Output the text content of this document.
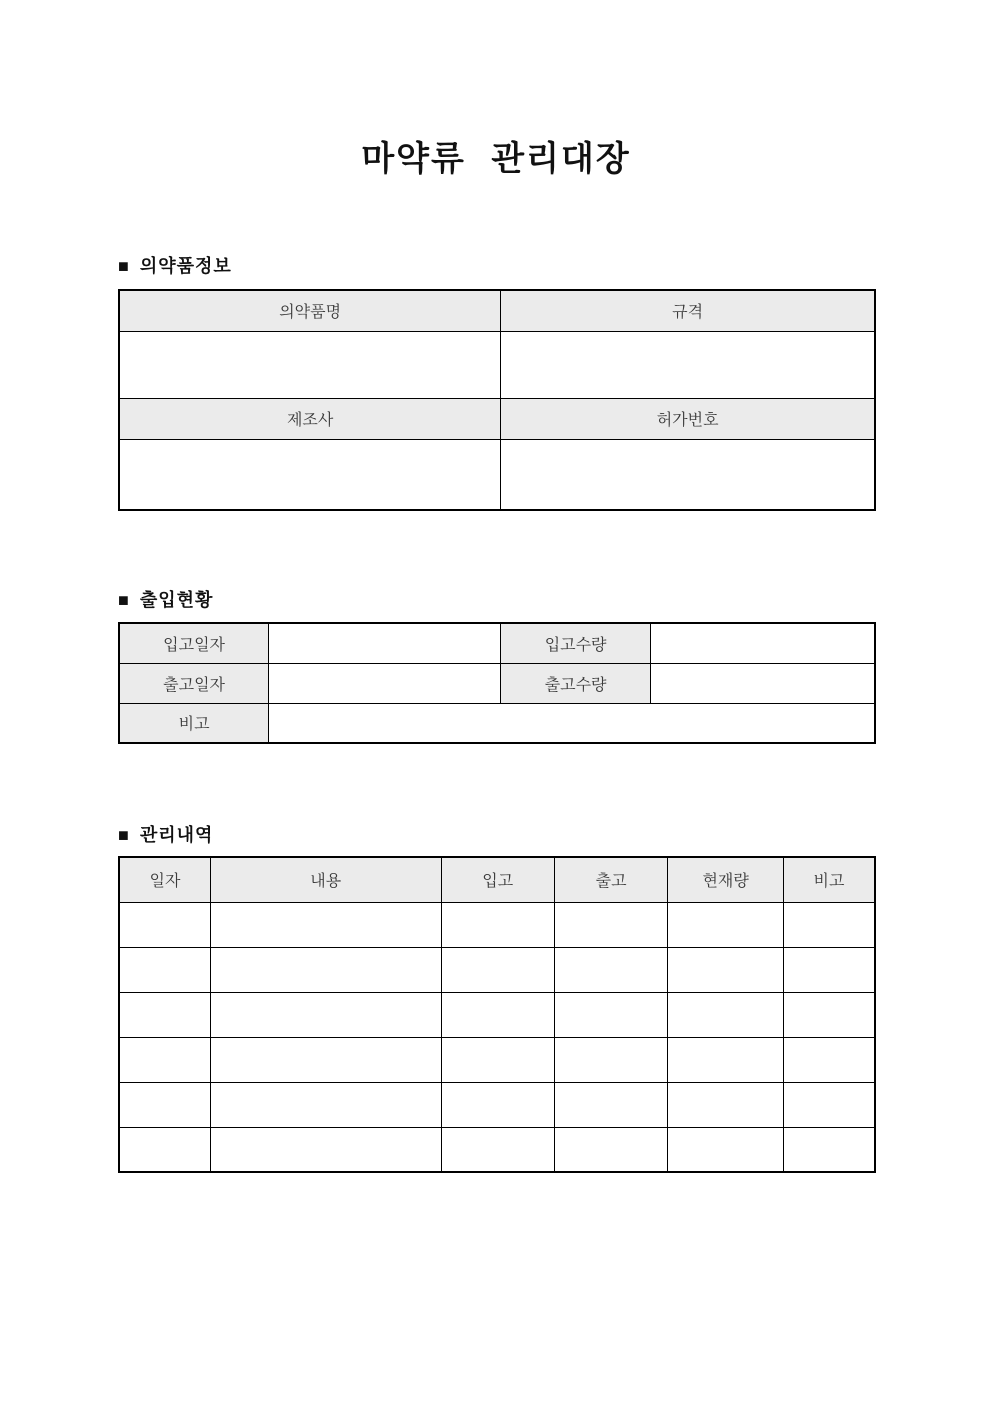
마약류 관리대장
■ 의약품정보
의약품명	규격

제조사	허가번호

■ 출입현황
입고일자		입고수량	
출고일자		출고수량	
비고			
■ 관리내역
일자	내용	입고	출고	현재량	비고
